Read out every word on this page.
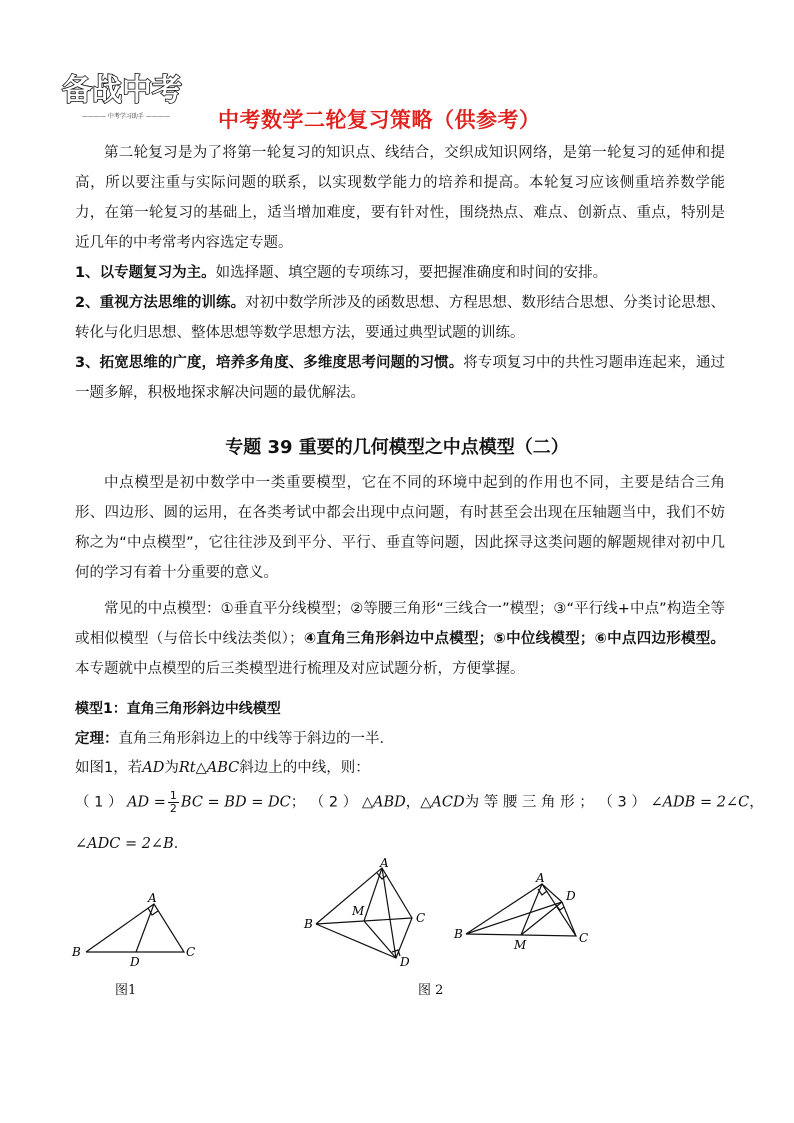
备战中考
———— 中考学习助手 ———— 中考数学二轮复习策略（供参考）

第二轮复习是为了将第一轮复习的知识点、线结合，交织成知识网络，是第一轮复习的延伸和提高，所以要注重与实际问题的联系，以实现数学能力的培养和提高。本轮复习应该侧重培养数学能力，在第一轮复习的基础上，适当增加难度，要有针对性，围绕热点、难点、创新点、重点，特别是近几年的中考常考内容选定专题。

1、以专题复习为主。如选择题、填空题的专项练习，要把握准确度和时间的安排。

2、重视方法思维的训练。对初中数学所涉及的函数思想、方程思想、数形结合思想、分类讨论思想、转化与化归思想、整体思想等数学思想方法，要通过典型试题的训练。

3、拓宽思维的广度，培养多角度、多维度思考问题的习惯。将专项复习中的共性习题串连起来，通过一题多解，积极地探求解决问题的最优解法。

专题 39 重要的几何模型之中点模型（二）

中点模型是初中数学中一类重要模型，它在不同的环境中起到的作用也不同，主要是结合三角形、四边形、圆的运用，在各类考试中都会出现中点问题，有时甚至会出现在压轴题当中，我们不妨称之为“中点模型”，它往往涉及到平分、平行、垂直等问题，因此探寻这类问题的解题规律对初中几何的学习有着十分重要的意义。

常见的中点模型：①垂直平分线模型；②等腰三角形“三线合一”模型；③“平行线+中点”构造全等或相似模型（与倍长中线法类似）；④直角三角形斜边中点模型；⑤中位线模型；⑥中点四边形模型。本专题就中点模型的后三类模型进行梳理及对应试题分析，方便掌握。

模型1：直角三角形斜边中线模型
定理：直角三角形斜边上的中线等于斜边的一半．
如图1，若AD为Rt△ABC斜边上的中线，则：
（ 1 ） AD = $\frac{1}{2}$ BC = BD = DC； （ 2 ） △ABD，△ACD为 等 腰 三 角 形 ； （ 3 ） ∠ADB = 2∠C，
∠ADC = 2∠B．
A
B	C
D
图1
A
B	C
D
M
图 2
A
B	C
D
M
